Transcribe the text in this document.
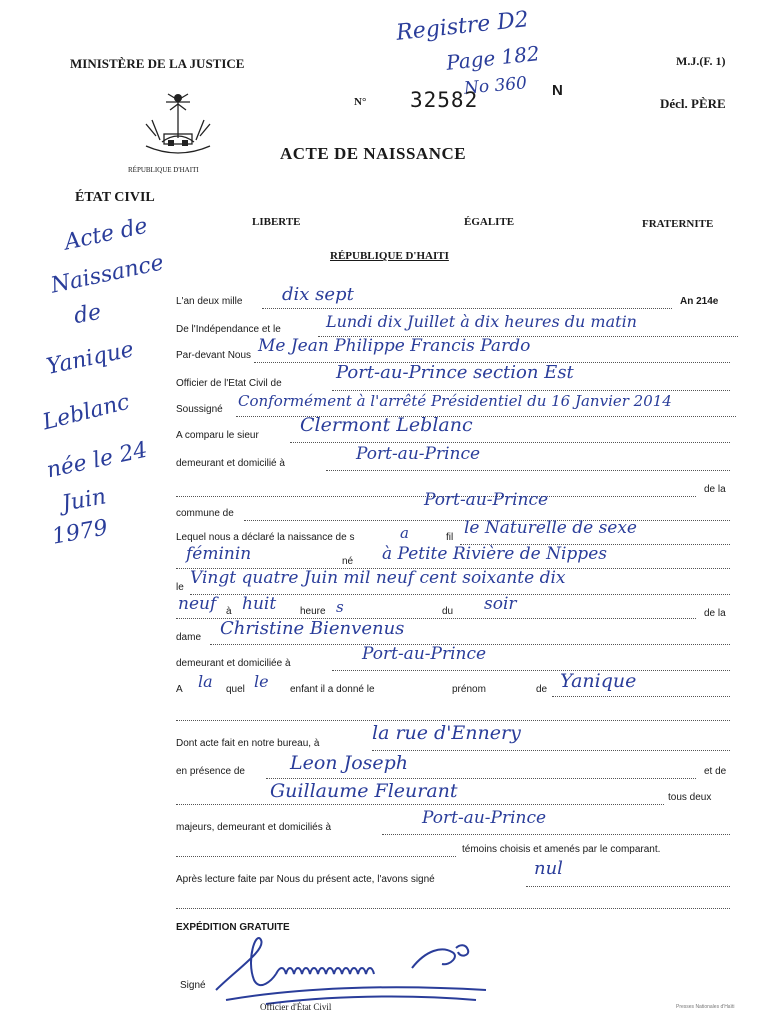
MINISTÈRE DE LA JUSTICE	M.J.(F. 1)
Registre D2
Page 182
No 360
N° 32582	N
Décl. PÈRE
RÉPUBLIQUE D'HAITI
ACTE DE NAISSANCE
ÉTAT CIVIL
LIBERTE	ÉGALITE	FRATERNITE
RÉPUBLIQUE D'HAITI
Acte de
Naissance
de
Yanique
Leblanc
née le 24
Juin
1979
L'an deux mille dix sept	An 214e
De l'Indépendance et le	Lundi dix Juillet à dix heures du matin
Par-devant Nous Me Jean Philippe Francis Pardo
Officier de l'Etat Civil de
Port-au-Prince section Est
Soussigné Conformément à l'arrêté Présidentiel du 16 Janvier 2014
A comparu le sieur Clermont Leblanc
demeurant et domicilié à	Port-au-Prince
de la
commune de
Port-au-Prince
Lequel nous a déclaré la naissance de s	a	fil le Naturelle de sexe
féminin	né à Petite Rivière de Nippes
le Vingt quatre Juin mil neuf cent soixante dix
neuf à huit heure s	du soir	de la
dame Christine Bienvenus
demeurant et domiciliée à	Port-au-Prince
A la quel le enfant il a donné le	prénom	de Yanique
Dont acte fait en notre bureau, à	la rue d'Ennery
en présence de Leon Joseph	et de
Guillaume Fleurant	tous deux
majeurs, demeurant et domiciliés à	Port-au-Prince
témoins choisis et amenés par le comparant.
Après lecture faite par Nous du présent acte, l'avons signé
nul
EXPÉDITION GRATUITE
Signé
Officier d'État Civil	Presses Nationales d'Haïti
